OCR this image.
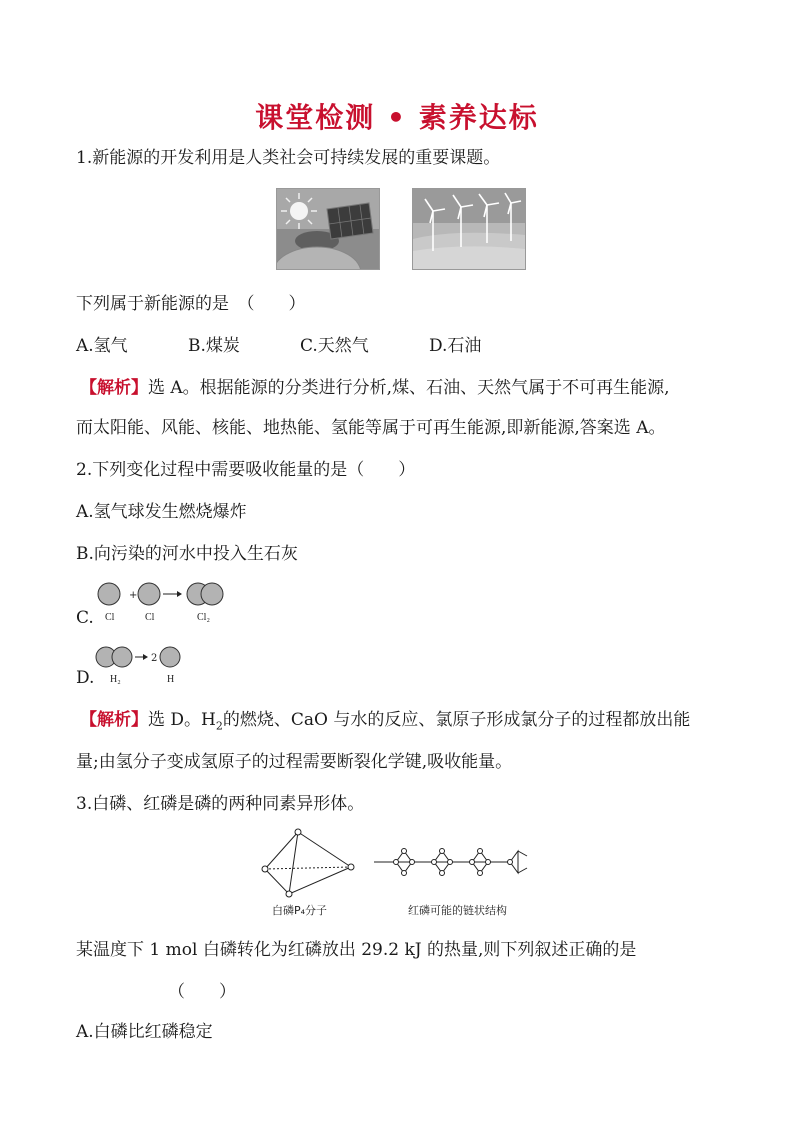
课堂检测 • 素养达标
1.新能源的开发利用是人类社会可持续发展的重要课题。
下列属于新能源的是　（　　）
A.氢气	B.煤炭	C.天然气	D.石油
【解析】选 A。根据能源的分类进行分析,煤、石油、天然气属于不可再生能源,
而太阳能、风能、核能、地热能、氢能等属于可再生能源,即新能源,答案选 A。
2.下列变化过程中需要吸收能量的是（　　）
A.氢气球发生燃烧爆炸
B.向污染的河水中投入生石灰
C.
+
Cl	Cl	Cl₂
D.
2
H₂	H
【解析】选 D。$H_2$的燃烧、CaO 与水的反应、氯原子形成氯分子的过程都放出能
量;由氢分子变成氢原子的过程需要断裂化学键,吸收能量。
3.白磷、红磷是磷的两种同素异形体。
白磷P₄分子	红磷可能的链状结构
某温度下 1 mol 白磷转化为红磷放出 29.2 kJ 的热量,则下列叙述正确的是
（　　）
A.白磷比红磷稳定
